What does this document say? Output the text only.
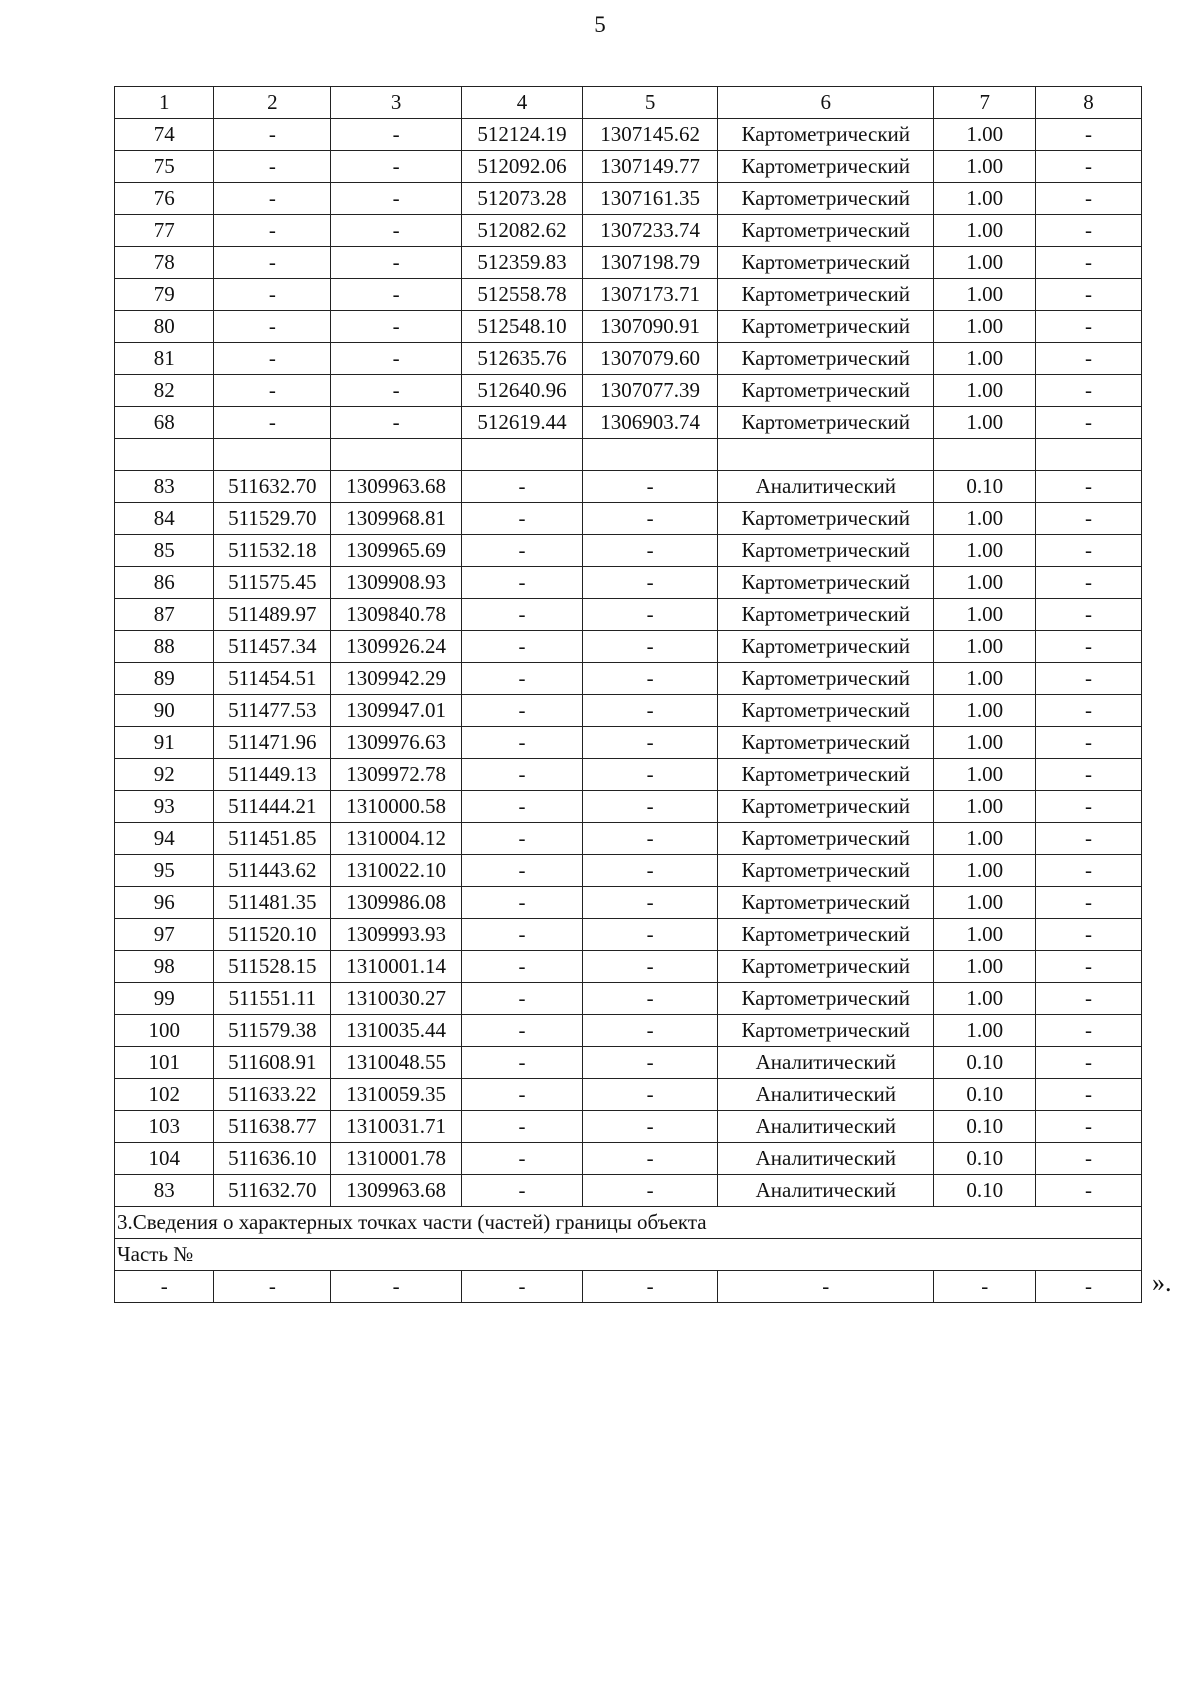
5
1	2	3	4	5	6	7	8
74	-	-	512124.19	1307145.62	Картометрический	1.00	-
75	-	-	512092.06	1307149.77	Картометрический	1.00	-
76	-	-	512073.28	1307161.35	Картометрический	1.00	-
77	-	-	512082.62	1307233.74	Картометрический	1.00	-
78	-	-	512359.83	1307198.79	Картометрический	1.00	-
79	-	-	512558.78	1307173.71	Картометрический	1.00	-
80	-	-	512548.10	1307090.91	Картометрический	1.00	-
81	-	-	512635.76	1307079.60	Картометрический	1.00	-
82	-	-	512640.96	1307077.39	Картометрический	1.00	-
68	-	-	512619.44	1306903.74	Картометрический	1.00	-

83	511632.70	1309963.68	-	-	Аналитический	0.10	-
84	511529.70	1309968.81	-	-	Картометрический	1.00	-
85	511532.18	1309965.69	-	-	Картометрический	1.00	-
86	511575.45	1309908.93	-	-	Картометрический	1.00	-
87	511489.97	1309840.78	-	-	Картометрический	1.00	-
88	511457.34	1309926.24	-	-	Картометрический	1.00	-
89	511454.51	1309942.29	-	-	Картометрический	1.00	-
90	511477.53	1309947.01	-	-	Картометрический	1.00	-
91	511471.96	1309976.63	-	-	Картометрический	1.00	-
92	511449.13	1309972.78	-	-	Картометрический	1.00	-
93	511444.21	1310000.58	-	-	Картометрический	1.00	-
94	511451.85	1310004.12	-	-	Картометрический	1.00	-
95	511443.62	1310022.10	-	-	Картометрический	1.00	-
96	511481.35	1309986.08	-	-	Картометрический	1.00	-
97	511520.10	1309993.93	-	-	Картометрический	1.00	-
98	511528.15	1310001.14	-	-	Картометрический	1.00	-
99	511551.11	1310030.27	-	-	Картометрический	1.00	-
100	511579.38	1310035.44	-	-	Картометрический	1.00	-
101	511608.91	1310048.55	-	-	Аналитический	0.10	-
102	511633.22	1310059.35	-	-	Аналитический	0.10	-
103	511638.77	1310031.71	-	-	Аналитический	0.10	-
104	511636.10	1310001.78	-	-	Аналитический	0.10	-
83	511632.70	1309963.68	-	-	Аналитический	0.10	-
3.Сведения о характерных точках части (частей) границы объекта							
Часть №							
-	-	-	-	-	-	-	- ».
